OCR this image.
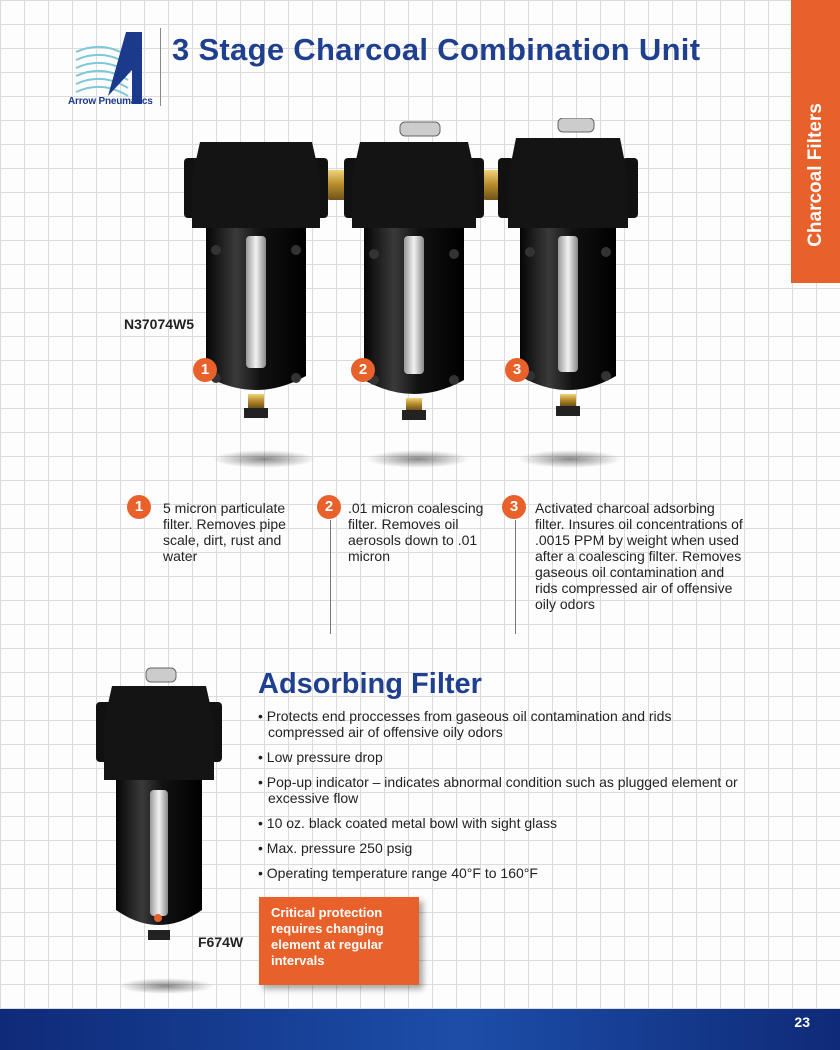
Arrow Pneumatics
3 Stage Charcoal Combination Unit
Charcoal Filters
N37074W5
1	2	3
1	5 micron particulate filter. Removes pipe scale, dirt, rust and water
2	.01 micron coalescing filter. Removes oil aerosols down to .01 micron
3	Activated charcoal adsorbing filter. Insures oil concentrations of .0015 PPM by weight when used after a coalescing filter. Removes gaseous oil contamination and rids compressed air of offensive oily odors
F674W
Adsorbing Filter
• Protects end proccesses from gaseous oil contamination and rids compressed air of offensive oily odors
• Low pressure drop
• Pop-up indicator – indicates abnormal condition such as plugged element or excessive flow
• 10 oz. black coated metal bowl with sight glass
• Max. pressure 250 psig
• Operating temperature range 40°F to 160°F
Critical protection requires changing element at regular intervals
23
